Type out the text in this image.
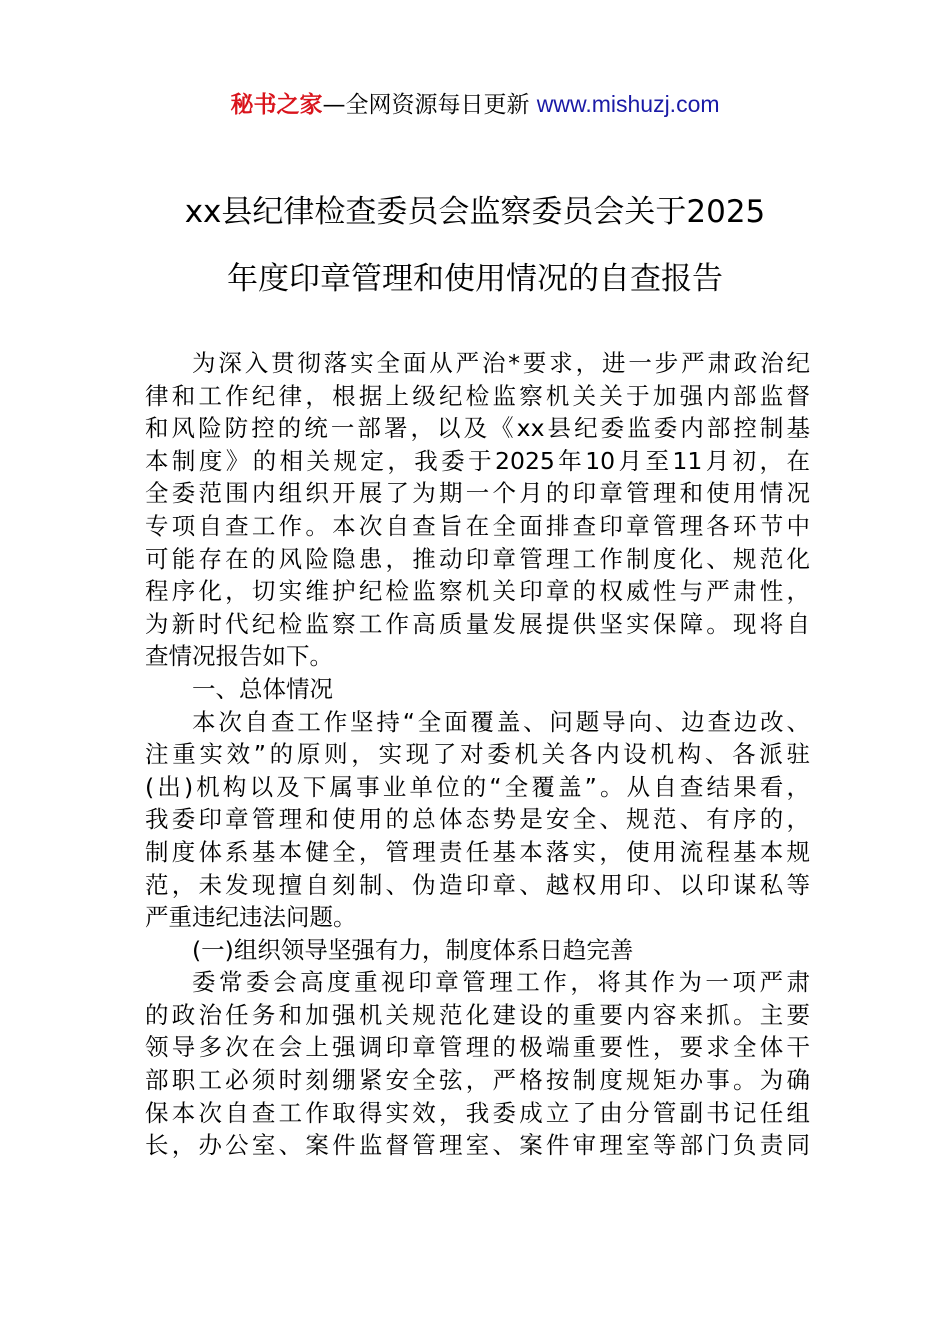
秘书之家—全网资源每日更新 www.mishuzj.com
xx县纪律检查委员会监察委员会关于2025
年度印章管理和使用情况的自查报告
为深入贯彻落实全面从严治*要求，进一步严肃政治纪
律和工作纪律，根据上级纪检监察机关关于加强内部监督
和风险防控的统一部署，以及《xx县纪委监委内部控制基
本制度》的相关规定，我委于2025年10月至11月初，在
全委范围内组织开展了为期一个月的印章管理和使用情况
专项自查工作。本次自查旨在全面排查印章管理各环节中
可能存在的风险隐患，推动印章管理工作制度化、规范化
程序化，切实维护纪检监察机关印章的权威性与严肃性，
为新时代纪检监察工作高质量发展提供坚实保障。现将自
查情况报告如下。
一、总体情况
本次自查工作坚持“全面覆盖、问题导向、边查边改、
注重实效”的原则，实现了对委机关各内设机构、各派驻
(出)机构以及下属事业单位的“全覆盖”。从自查结果看，
我委印章管理和使用的总体态势是安全、规范、有序的，
制度体系基本健全，管理责任基本落实，使用流程基本规
范，未发现擅自刻制、伪造印章、越权用印、以印谋私等
严重违纪违法问题。
(一)组织领导坚强有力，制度体系日趋完善
委常委会高度重视印章管理工作，将其作为一项严肃
的政治任务和加强机关规范化建设的重要内容来抓。主要
领导多次在会上强调印章管理的极端重要性，要求全体干
部职工必须时刻绷紧安全弦，严格按制度规矩办事。为确
保本次自查工作取得实效，我委成立了由分管副书记任组
长，办公室、案件监督管理室、案件审理室等部门负责同
